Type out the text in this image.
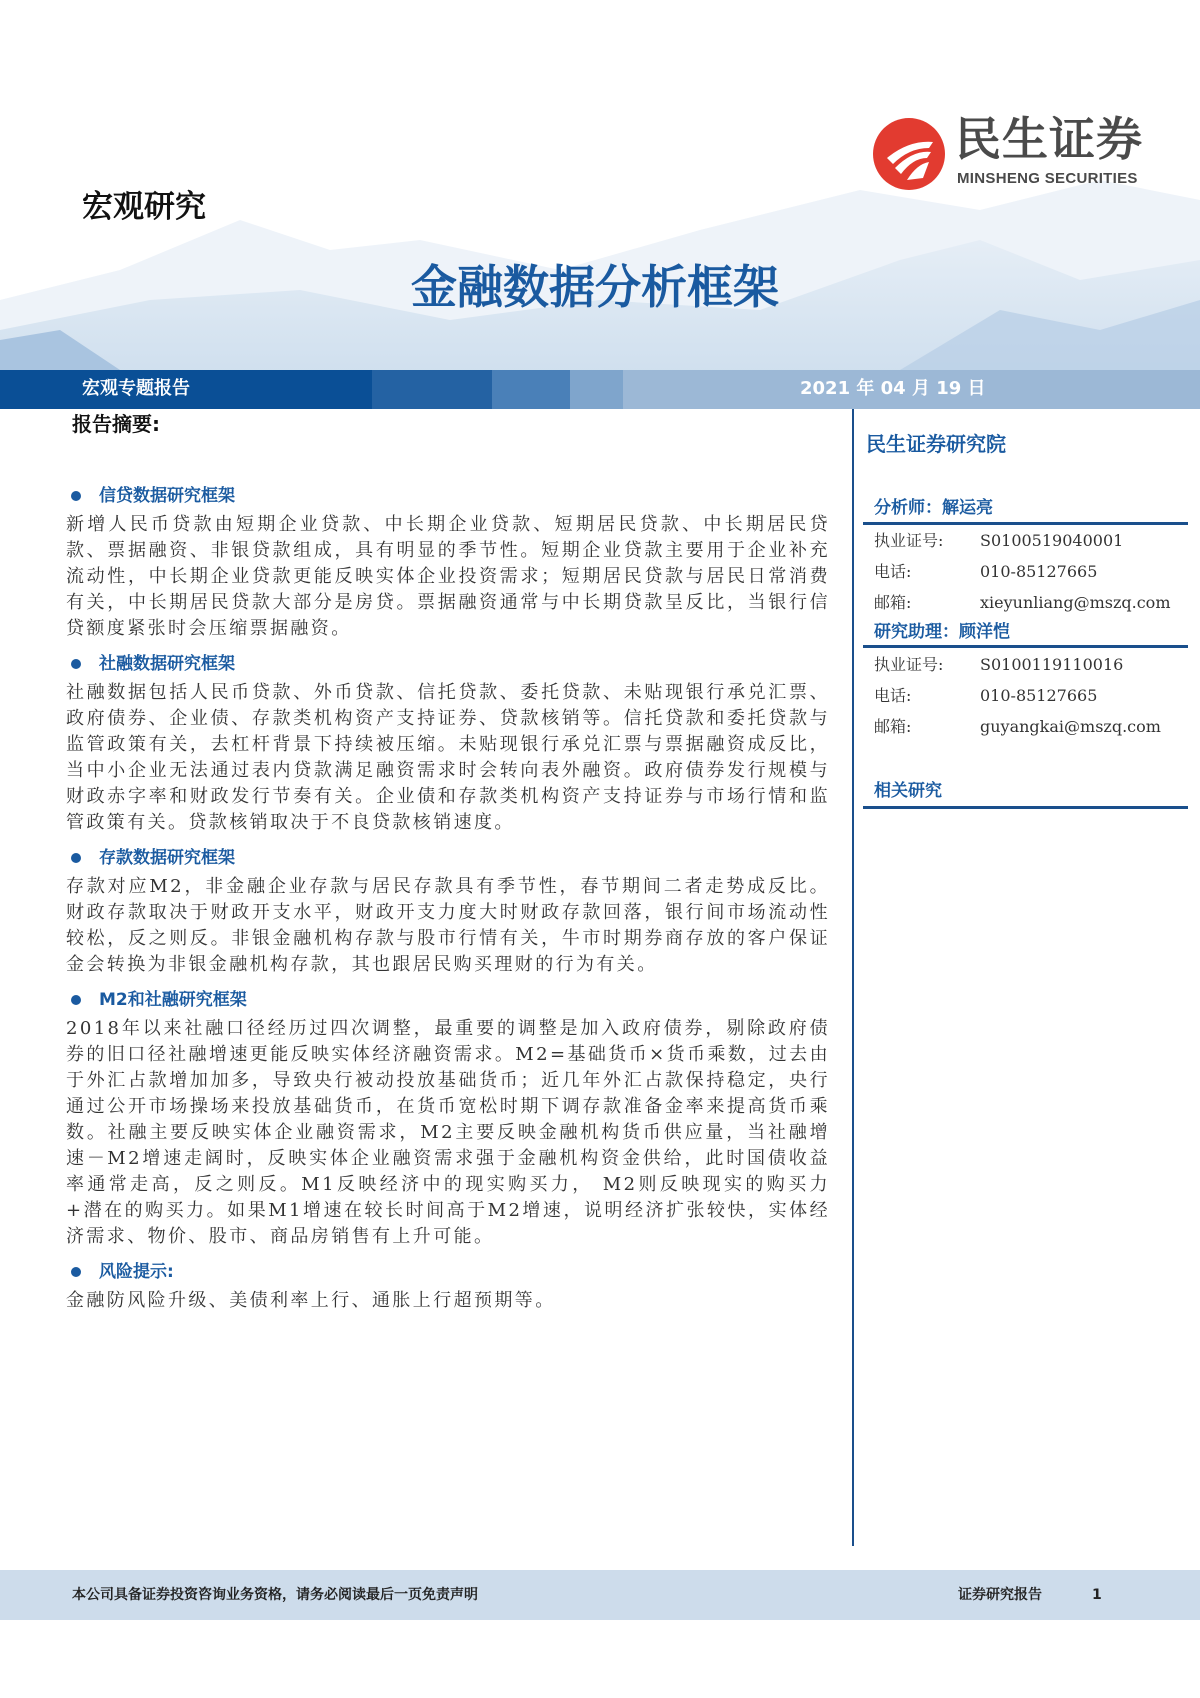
民生证券
MINSHENG SECURITIES
宏观研究
金融数据分析框架
宏观专题报告	2021 年 04 月 19 日
报告摘要:
信贷数据研究框架

新增人民币贷款由短期企业贷款、中长期企业贷款、短期居民贷款、中长期居民贷款、票据融资、非银贷款组成，具有明显的季节性。短期企业贷款主要用于企业补充流动性，中长期企业贷款更能反映实体企业投资需求；短期居民贷款与居民日常消费有关，中长期居民贷款大部分是房贷。票据融资通常与中长期贷款呈反比，当银行信贷额度紧张时会压缩票据融资。

社融数据研究框架

社融数据包括人民币贷款、外币贷款、信托贷款、委托贷款、未贴现银行承兑汇票、政府债券、企业债、存款类机构资产支持证券、贷款核销等。信托贷款和委托贷款与监管政策有关，去杠杆背景下持续被压缩。未贴现银行承兑汇票与票据融资成反比，当中小企业无法通过表内贷款满足融资需求时会转向表外融资。政府债券发行规模与财政赤字率和财政发行节奏有关。企业债和存款类机构资产支持证券与市场行情和监管政策有关。贷款核销取决于不良贷款核销速度。

存款数据研究框架

存款对应M2，非金融企业存款与居民存款具有季节性，春节期间二者走势成反比。财政存款取决于财政开支水平，财政开支力度大时财政存款回落，银行间市场流动性较松，反之则反。非银金融机构存款与股市行情有关，牛市时期券商存放的客户保证金会转换为非银金融机构存款，其也跟居民购买理财的行为有关。

M2和社融研究框架

2018年以来社融口径经历过四次调整，最重要的调整是加入政府债券，剔除政府债券的旧口径社融增速更能反映实体经济融资需求。M2=基础货币×货币乘数，过去由于外汇占款增加加多，导致央行被动投放基础货币；近几年外汇占款保持稳定，央行通过公开市场操场来投放基础货币，在货币宽松时期下调存款准备金率来提高货币乘数。社融主要反映实体企业融资需求，M2主要反映金融机构货币供应量，当社融增速－M2增速走阔时，反映实体企业融资需求强于金融机构资金供给，此时国债收益率通常走高，反之则反。M1反映经济中的现实购买力， M2则反映现实的购买力+潜在的购买力。如果M1增速在较长时间高于M2增速，说明经济扩张较快，实体经济需求、物价、股市、商品房销售有上升可能。

风险提示:

金融防风险升级、美债利率上行、通胀上行超预期等。

民生证券研究院
分析师：解运亮
执业证号:	S0100519040001
电话:	010-85127665
邮箱:	xieyunliang@mszq.com
研究助理：顾洋恺
执业证号:	S0100119110016
电话:	010-85127665
邮箱:	guyangkai@mszq.com
相关研究
本公司具备证券投资咨询业务资格，请务必阅读最后一页免责声明	证券研究报告	1
